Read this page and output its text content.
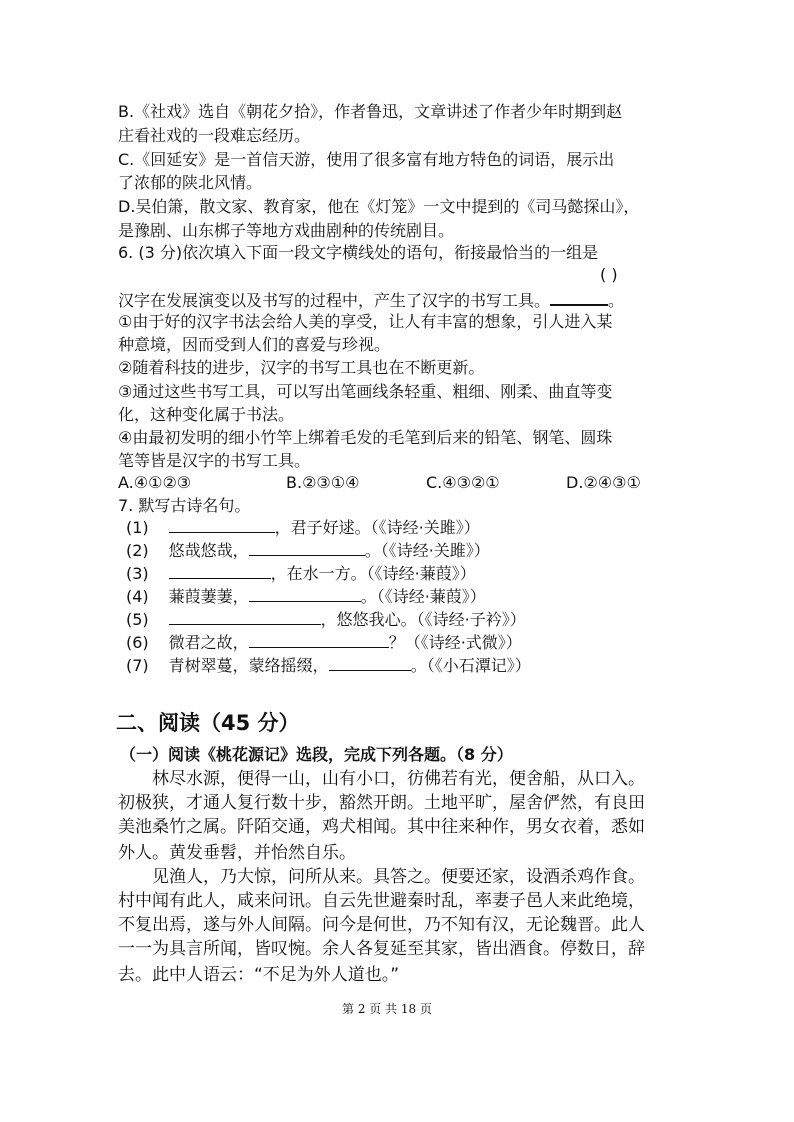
B.《社戏》选自《朝花夕拾》，作者鲁迅，文章讲述了作者少年时期到赵
庄看社戏的一段难忘经历。
C.《回延安》是一首信天游，使用了很多富有地方特色的词语，展示出
了浓郁的陕北风情。
D.吴伯箫，散文家、教育家，他在《灯笼》一文中提到的《司马懿探山》，
是豫剧、山东梆子等地方戏曲剧种的传统剧目。
6. (3 分)依次填入下面一段文字横线处的语句，衔接最恰当的一组是
( )
汉字在发展演变以及书写的过程中，产生了汉字的书写工具。	。
①由于好的汉字书法会给人美的享受，让人有丰富的想象，引人进入某
种意境，因而受到人们的喜爱与珍视。
②随着科技的进步，汉字的书写工具也在不断更新。
③通过这些书写工具，可以写出笔画线条轻重、粗细、刚柔、曲直等变
化，这种变化属于书法。
④由最初发明的细小竹竿上绑着毛发的毛笔到后来的铅笔、钢笔、圆珠
笔等皆是汉字的书写工具。
A.④①②③	B.②③①④	C.④③②①	D.②④③①
7. 默写古诗名句。
(1)	，君子好逑。（《诗经·关雎》）
(2) 悠哉悠哉，	。（《诗经·关雎》）
(3)	，在水一方。（《诗经·蒹葭》）
(4) 蒹葭萋萋，	。（《诗经·蒹葭》）
(5)	，悠悠我心。（《诗经·子衿》）
(6) 微君之故，	？（《诗经·式微》）
(7) 青树翠蔓，蒙络摇缀，	。（《小石潭记》）
二、阅读（45 分）
（一）阅读《桃花源记》选段，完成下列各题。（8 分）
林尽水源，便得一山，山有小口，彷佛若有光，便舍船，从口入。
初极狭，才通人复行数十步，豁然开朗。土地平旷，屋舍俨然，有良田
美池桑竹之属。阡陌交通，鸡犬相闻。其中往来种作，男女衣着，悉如
外人。黄发垂髫，并怡然自乐。
见渔人，乃大惊，问所从来。具答之。便要还家，设酒杀鸡作食。
村中闻有此人，咸来问讯。自云先世避秦时乱，率妻子邑人来此绝境，
不复出焉，遂与外人间隔。问今是何世，乃不知有汉，无论魏晋。此人
一一为具言所闻，皆叹惋。余人各复延至其家，皆出酒食。停数日，辞
去。此中人语云：“不足为外人道也。”
第 2 页 共 18 页
